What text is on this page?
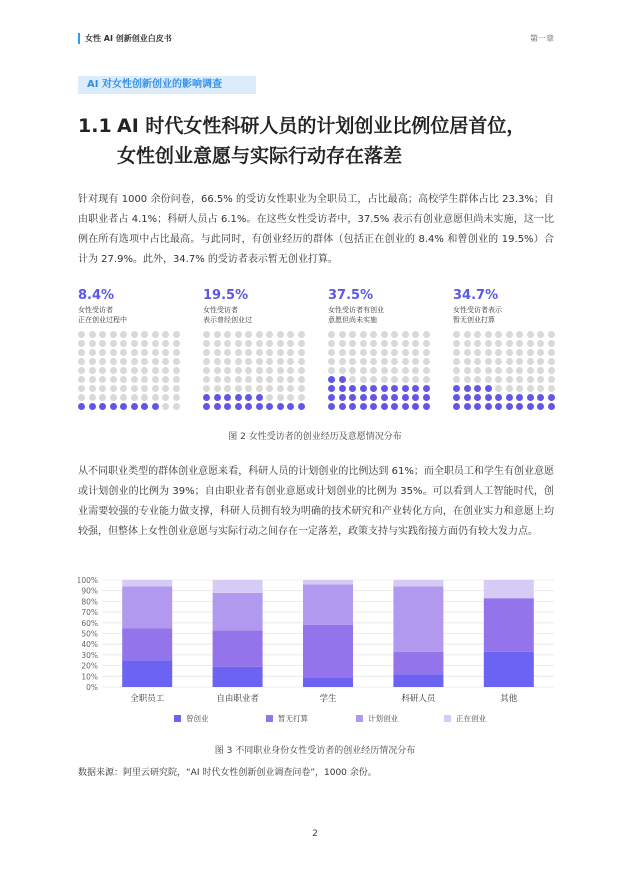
女性 AI 创新创业白皮书	第一章
AI 对女性创新创业的影响调查
1.1 AI 时代女性科研人员的计划创业比例位居首位，
女性创业意愿与实际行动存在落差
针对现有 1000 余份问卷，66.5% 的受访女性职业为全职员工，占比最高；高校学生群体占比 23.3%；自由职业者占 4.1%；科研人员占 6.1%。在这些女性受访者中，37.5% 表示有创业意愿但尚未实施，这一比例在所有选项中占比最高。与此同时，有创业经历的群体（包括正在创业的 8.4% 和曾创业的 19.5%）合计为 27.9%。此外，34.7% 的受访者表示暂无创业打算。
8.4%
女性受访者
正在创业过程中
19.5%
女性受访者
表示曾经创业过
37.5%
女性受访者有创业
意愿但尚未实施
34.7%
女性受访者表示
暂无创业打算
图 2 女性受访者的创业经历及意愿情况分布
从不同职业类型的群体创业意愿来看，科研人员的计划创业的比例达到 61%；而全职员工和学生有创业意愿或计划创业的比例为 39%；自由职业者有创业意愿或计划创业的比例为 35%。可以看到人工智能时代，创业需要较强的专业能力做支撑，科研人员拥有较为明确的技术研究和产业转化方向，在创业实力和意愿上均较强，但整体上女性创业意愿与实际行动之间存在一定落差，政策支持与实践衔接方面仍有较大发力点。
0%
10%
20%
30%
40%
50%
60%
70%
80%
90%
100%
全职员工	自由职业者	学生	科研人员	其他
曾创业	暂无打算	计划创业	正在创业
图 3 不同职业身份女性受访者的创业经历情况分布
数据来源：阿里云研究院，“AI 时代女性创新创业调查问卷”，1000 余份。
2
